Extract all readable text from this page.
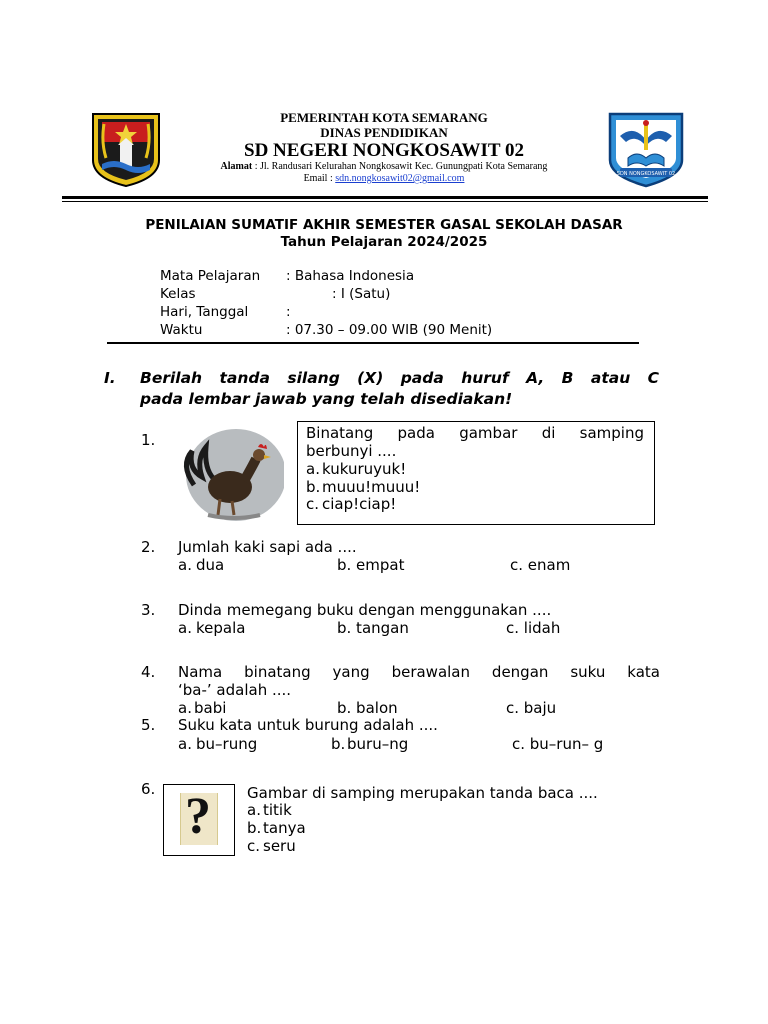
PEMERINTAH KOTA SEMARANG
DINAS PENDIDIKAN
SD NEGERI NONGKOSAWIT 02
Alamat : Jl. Randusari Kelurahan Nongkosawit Kec. Gunungpati Kota Semarang
Email : sdn.nongkosawit02@gmail.com	SDN NONGKOSAWIT 02
PENILAIAN SUMATIF AKHIR SEMESTER GASAL SEKOLAH DASAR
Tahun Pelajaran 2024/2025
Mata Pelajaran : Bahasa Indonesia
Kelas	: I (Satu)
Hari, Tanggal	:
Waktu	: 07.30 – 09.00 WIB (90 Menit)
I. Berilah tanda silang (X) pada huruf A, B atau C
pada lembar jawab yang telah disediakan!
1.	Binatang pada gambar di samping
berbunyi ....
a. kukuruyuk!
b. muuu!muuu!
c. ciap!ciap!
2. Jumlah kaki sapi ada ....
a. dua	b. empat	c. enam
3. Dinda memegang buku dengan menggunakan ....
a. kepala	b. tangan	c. lidah
4. Nama binatang yang berawalan dengan suku kata
‘ba-’ adalah ....
a. babi	b. balon	c. baju
5. Suku kata untuk burung adalah ....
a. bu–rung	b. buru–ng	c. bu–run– g
6. ?	Gambar di samping merupakan tanda baca ....
a. titik
b. tanya
c. seru
